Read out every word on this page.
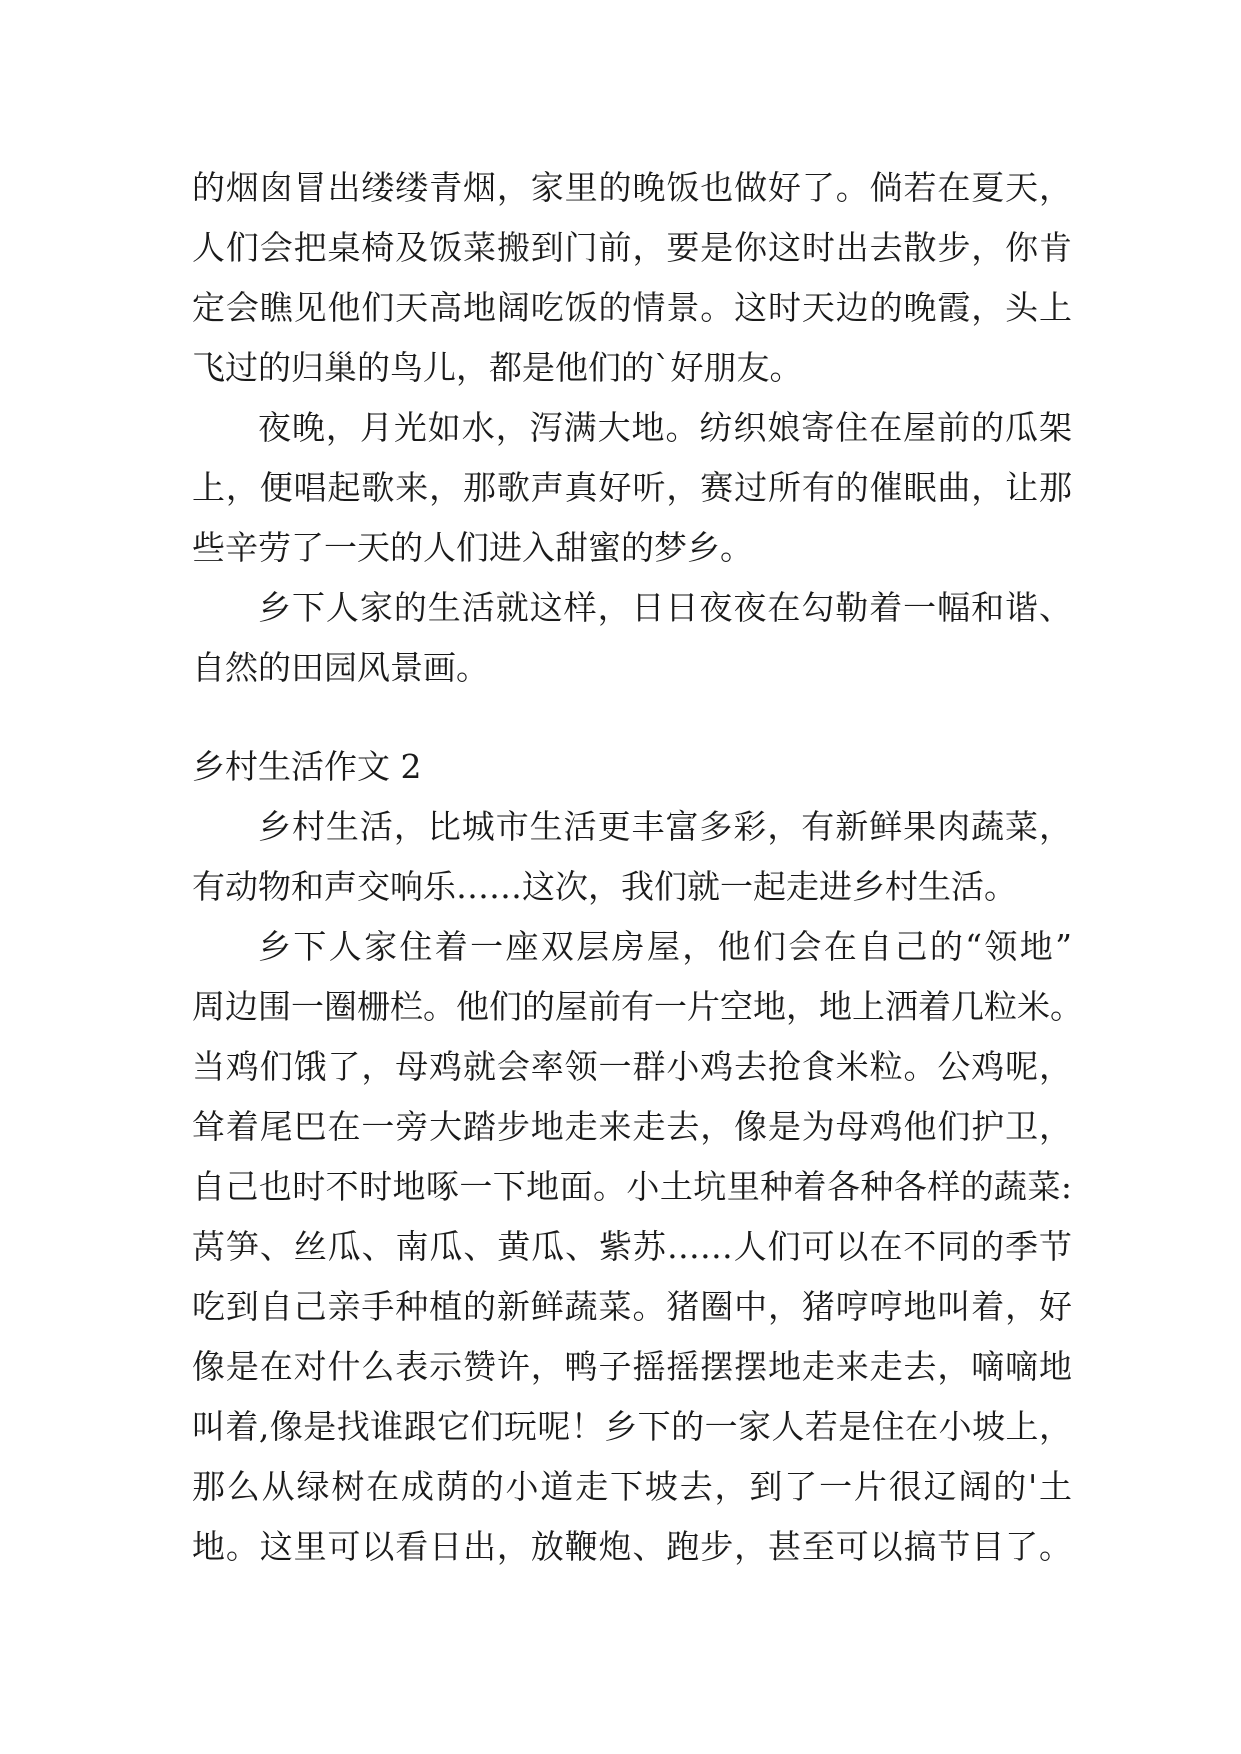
的烟囱冒出缕缕青烟，家里的晚饭也做好了。倘若在夏天，
人们会把桌椅及饭菜搬到门前，要是你这时出去散步，你肯
定会瞧见他们天高地阔吃饭的情景。这时天边的晚霞，头上
飞过的归巢的鸟儿，都是他们的`好朋友。
夜晚，月光如水，泻满大地。纺织娘寄住在屋前的瓜架
上，便唱起歌来，那歌声真好听，赛过所有的催眠曲，让那
些辛劳了一天的人们进入甜蜜的梦乡。
乡下人家的生活就这样，日日夜夜在勾勒着一幅和谐、
自然的田园风景画。
乡村生活作文 2
乡村生活，比城市生活更丰富多彩，有新鲜果肉蔬菜，
有动物和声交响乐……这次，我们就一起走进乡村生活。
乡下人家住着一座双层房屋，他们会在自己的“领地”
周边围一圈栅栏。他们的屋前有一片空地，地上洒着几粒米。
当鸡们饿了，母鸡就会率领一群小鸡去抢食米粒。公鸡呢，
耸着尾巴在一旁大踏步地走来走去，像是为母鸡他们护卫，
自己也时不时地啄一下地面。小土坑里种着各种各样的蔬菜:
莴笋、丝瓜、南瓜、黄瓜、紫苏……人们可以在不同的季节
吃到自己亲手种植的新鲜蔬菜。猪圈中，猪哼哼地叫着，好
像是在对什么表示赞许，鸭子摇摇摆摆地走来走去，嘀嘀地
叫着,像是找谁跟它们玩呢！乡下的一家人若是住在小坡上，
那么从绿树在成荫的小道走下坡去，到了一片很辽阔的'土
地。这里可以看日出，放鞭炮、跑步，甚至可以搞节目了。
